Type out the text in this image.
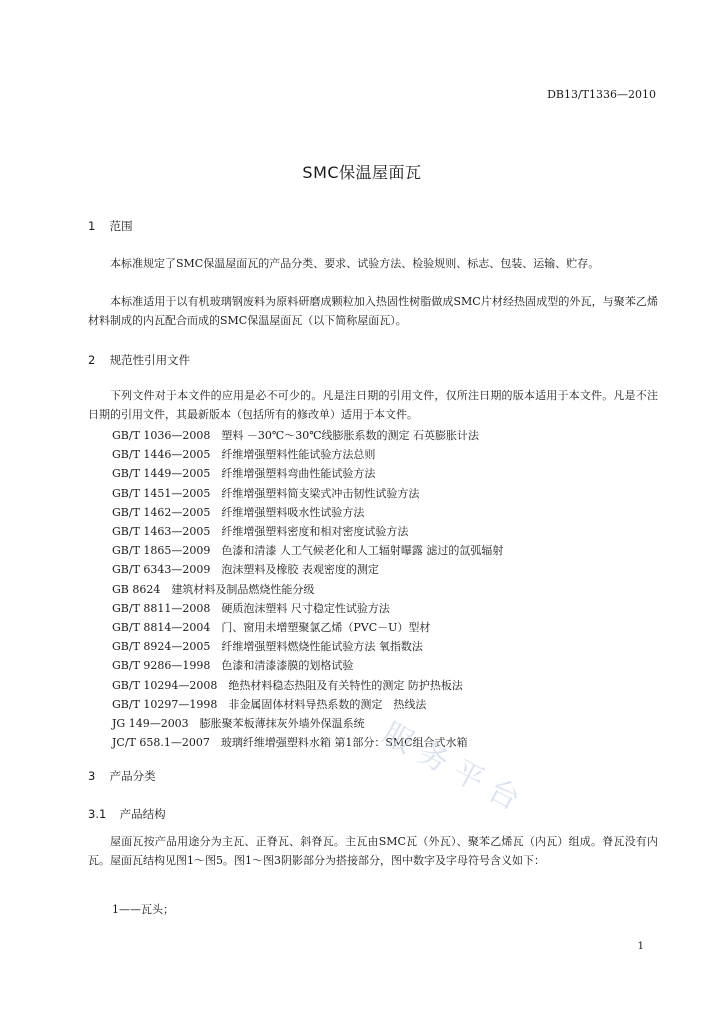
DB13/T1336—2010
SMC保温屋面瓦
1 范围

本标准规定了SMC保温屋面瓦的产品分类、要求、试验方法、检验规则、标志、包装、运输、贮存。

本标准适用于以有机玻璃钢废料为原料研磨成颗粒加入热固性树脂做成SMC片材经热固成型的外瓦，与聚苯乙烯材料制成的内瓦配合而成的SMC保温屋面瓦（以下简称屋面瓦）。

2 规范性引用文件

下列文件对于本文件的应用是必不可少的。凡是注日期的引用文件，仅所注日期的版本适用于本文件。凡是不注日期的引用文件，其最新版本（包括所有的修改单）适用于本文件。

GB/T 1036—2008　塑料 －30℃～30℃线膨胀系数的测定 石英膨胀计法
GB/T 1446—2005　纤维增强塑料性能试验方法总则
GB/T 1449—2005　纤维增强塑料弯曲性能试验方法
GB/T 1451—2005　纤维增强塑料简支梁式冲击韧性试验方法
GB/T 1462—2005　纤维增强塑料吸水性试验方法
GB/T 1463—2005　纤维增强塑料密度和相对密度试验方法
GB/T 1865—2009　色漆和清漆 人工气候老化和人工辐射曝露 滤过的氙弧辐射
GB/T 6343—2009　泡沫塑料及橡胶 表观密度的测定
GB 8624　建筑材料及制品燃烧性能分级
GB/T 8811—2008　硬质泡沫塑料 尺寸稳定性试验方法
GB/T 8814—2004　门、窗用未增塑聚氯乙烯（PVC－U）型材
GB/T 8924—2005　纤维增强塑料燃烧性能试验方法 氧指数法
GB/T 9286—1998　色漆和清漆漆膜的划格试验
GB/T 10294—2008　绝热材料稳态热阻及有关特性的测定 防护热板法
GB/T 10297—1998　非金属固体材料导热系数的测定　热线法
JG 149—2003　膨胀聚苯板薄抹灰外墙外保温系统
JC/T 658.1—2007　玻璃纤维增强塑料水箱 第1部分：SMC组合式水箱
3 产品分类
3.1 产品结构

屋面瓦按产品用途分为主瓦、正脊瓦、斜脊瓦。主瓦由SMC瓦（外瓦）、聚苯乙烯瓦（内瓦）组成。脊瓦没有内瓦。屋面瓦结构见图1～图5。图1～图3阴影部分为搭接部分，图中数字及字母符号含义如下：

1——瓦头；
服务平台
1
